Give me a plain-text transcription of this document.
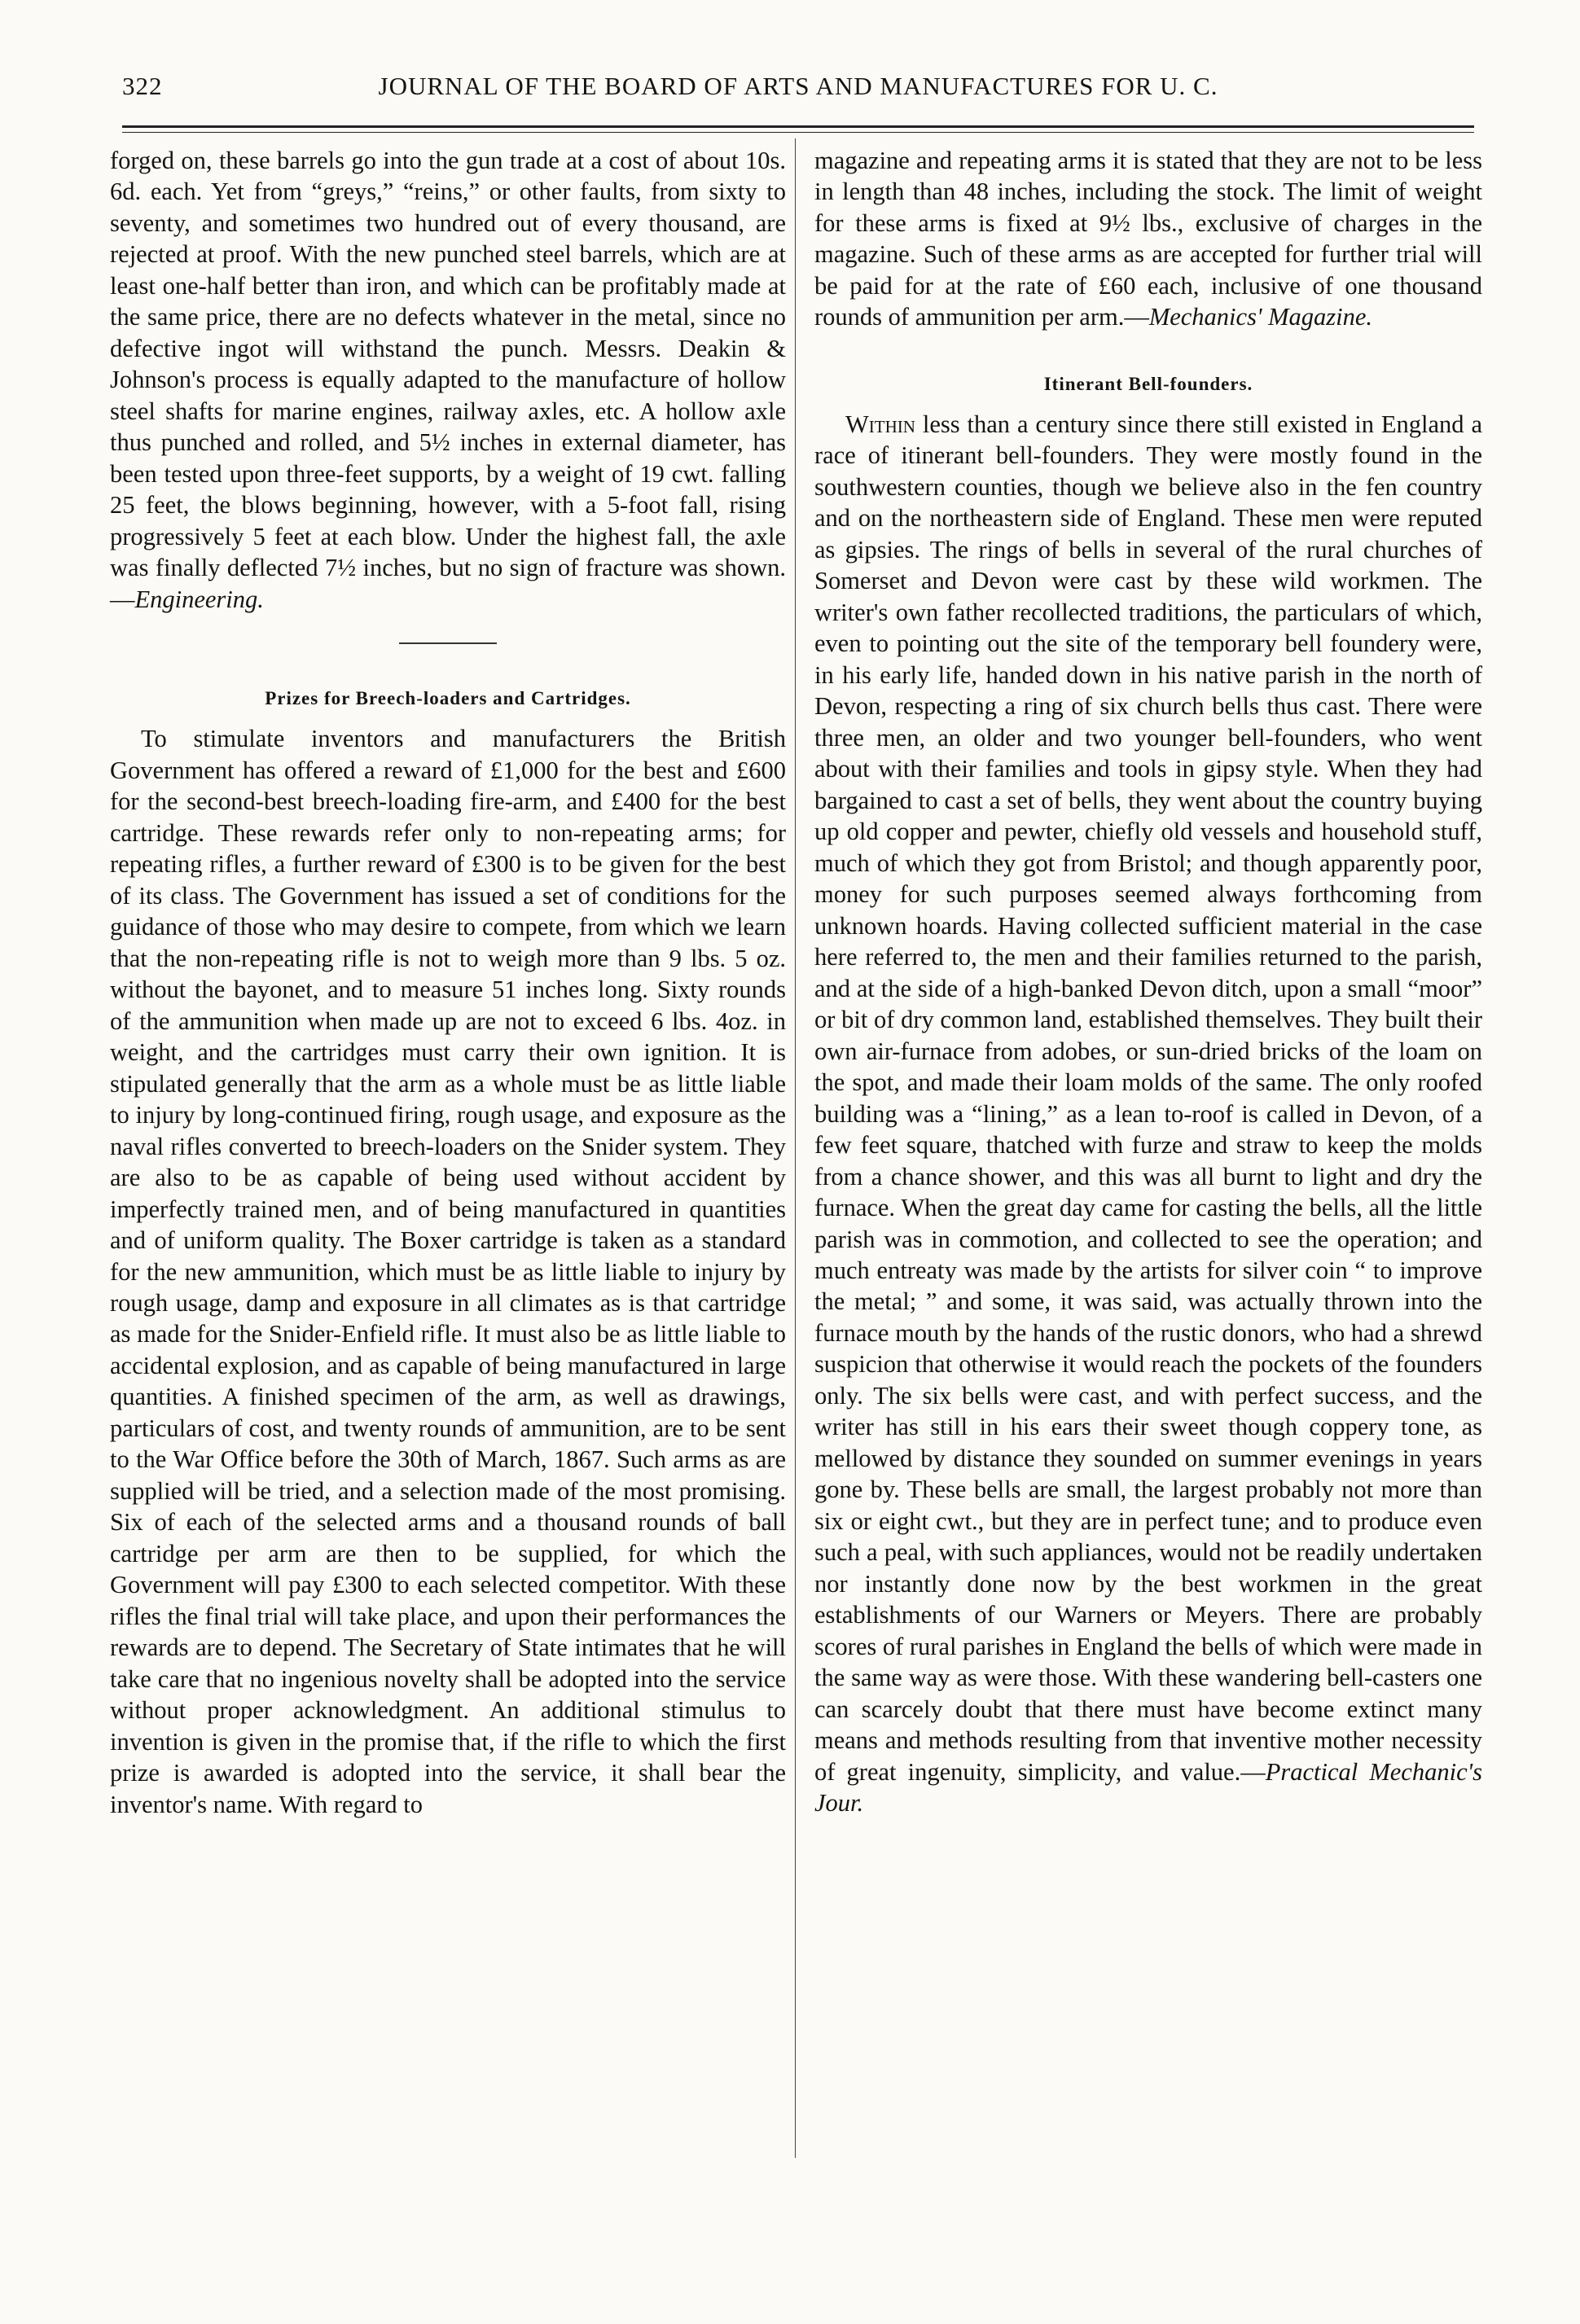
322	JOURNAL OF THE BOARD OF ARTS AND MANUFACTURES FOR U. C.

forged on, these barrels go into the gun trade at a cost of about 10s. 6d. each. Yet from “greys,” “reins,” or other faults, from sixty to seventy, and sometimes two hundred out of every thousand, are rejected at proof. With the new punched steel barrels, which are at least one-half better than iron, and which can be profitably made at the same price, there are no defects whatever in the metal, since no defective ingot will withstand the punch. Messrs. Deakin & Johnson's process is equally adapted to the manufacture of hollow steel shafts for marine engines, railway axles, etc. A hollow axle thus punched and rolled, and 5½ inches in external diameter, has been tested upon three-feet supports, by a weight of 19 cwt. falling 25 feet, the blows beginning, however, with a 5-foot fall, rising progressively 5 feet at each blow. Under the highest fall, the axle was finally deflected 7½ inches, but no sign of fracture was shown.—Engineering.

Prizes for Breech-loaders and Cartridges.

To stimulate inventors and manufacturers the British Government has offered a reward of £1,000 for the best and £600 for the second-best breech-loading fire-arm, and £400 for the best cartridge. These rewards refer only to non-repeating arms; for repeating rifles, a further reward of £300 is to be given for the best of its class. The Government has issued a set of conditions for the guidance of those who may desire to compete, from which we learn that the non-repeating rifle is not to weigh more than 9 lbs. 5 oz. without the bayonet, and to measure 51 inches long. Sixty rounds of the ammunition when made up are not to exceed 6 lbs. 4oz. in weight, and the cartridges must carry their own ignition. It is stipulated generally that the arm as a whole must be as little liable to injury by long-continued firing, rough usage, and exposure as the naval rifles converted to breech-loaders on the Snider system. They are also to be as capable of being used without accident by imperfectly trained men, and of being manufactured in quantities and of uniform quality. The Boxer cartridge is taken as a standard for the new ammunition, which must be as little liable to injury by rough usage, damp and exposure in all climates as is that cartridge as made for the Snider-Enfield rifle. It must also be as little liable to accidental explosion, and as capable of being manufactured in large quantities. A finished specimen of the arm, as well as drawings, particulars of cost, and twenty rounds of ammunition, are to be sent to the War Office before the 30th of March, 1867. Such arms as are supplied will be tried, and a selection made of the most promising. Six of each of the selected arms and a thousand rounds of ball cartridge per arm are then to be supplied, for which the Government will pay £300 to each selected competitor. With these rifles the final trial will take place, and upon their performances the rewards are to depend. The Secretary of State intimates that he will take care that no ingenious novelty shall be adopted into the service without proper acknowledgment. An additional stimulus to invention is given in the promise that, if the rifle to which the first prize is awarded is adopted into the service, it shall bear the inventor's name. With regard to

magazine and repeating arms it is stated that they are not to be less in length than 48 inches, including the stock. The limit of weight for these arms is fixed at 9½ lbs., exclusive of charges in the magazine. Such of these arms as are accepted for further trial will be paid for at the rate of £60 each, inclusive of one thousand rounds of ammunition per arm.—Mechanics' Magazine.

Itinerant Bell-founders.

Within less than a century since there still existed in England a race of itinerant bell-founders. They were mostly found in the southwestern counties, though we believe also in the fen country and on the northeastern side of England. These men were reputed as gipsies. The rings of bells in several of the rural churches of Somerset and Devon were cast by these wild workmen. The writer's own father recollected traditions, the particulars of which, even to pointing out the site of the temporary bell foundery were, in his early life, handed down in his native parish in the north of Devon, respecting a ring of six church bells thus cast. There were three men, an older and two younger bell-founders, who went about with their families and tools in gipsy style. When they had bargained to cast a set of bells, they went about the country buying up old copper and pewter, chiefly old vessels and household stuff, much of which they got from Bristol; and though apparently poor, money for such purposes seemed always forthcoming from unknown hoards. Having collected sufficient material in the case here referred to, the men and their families returned to the parish, and at the side of a high-banked Devon ditch, upon a small “moor” or bit of dry common land, established themselves. They built their own air-furnace from adobes, or sun-dried bricks of the loam on the spot, and made their loam molds of the same. The only roofed building was a “lining,” as a lean to-roof is called in Devon, of a few feet square, thatched with furze and straw to keep the molds from a chance shower, and this was all burnt to light and dry the furnace. When the great day came for casting the bells, all the little parish was in commotion, and collected to see the operation; and much entreaty was made by the artists for silver coin “ to improve the metal; ” and some, it was said, was actually thrown into the furnace mouth by the hands of the rustic donors, who had a shrewd suspicion that otherwise it would reach the pockets of the founders only. The six bells were cast, and with perfect success, and the writer has still in his ears their sweet though coppery tone, as mellowed by distance they sounded on summer evenings in years gone by. These bells are small, the largest probably not more than six or eight cwt., but they are in perfect tune; and to produce even such a peal, with such appliances, would not be readily undertaken nor instantly done now by the best workmen in the great establishments of our Warners or Meyers. There are probably scores of rural parishes in England the bells of which were made in the same way as were those. With these wandering bell-casters one can scarcely doubt that there must have become extinct many means and methods resulting from that inventive mother necessity of great ingenuity, simplicity, and value.—Practical Mechanic's Jour.
